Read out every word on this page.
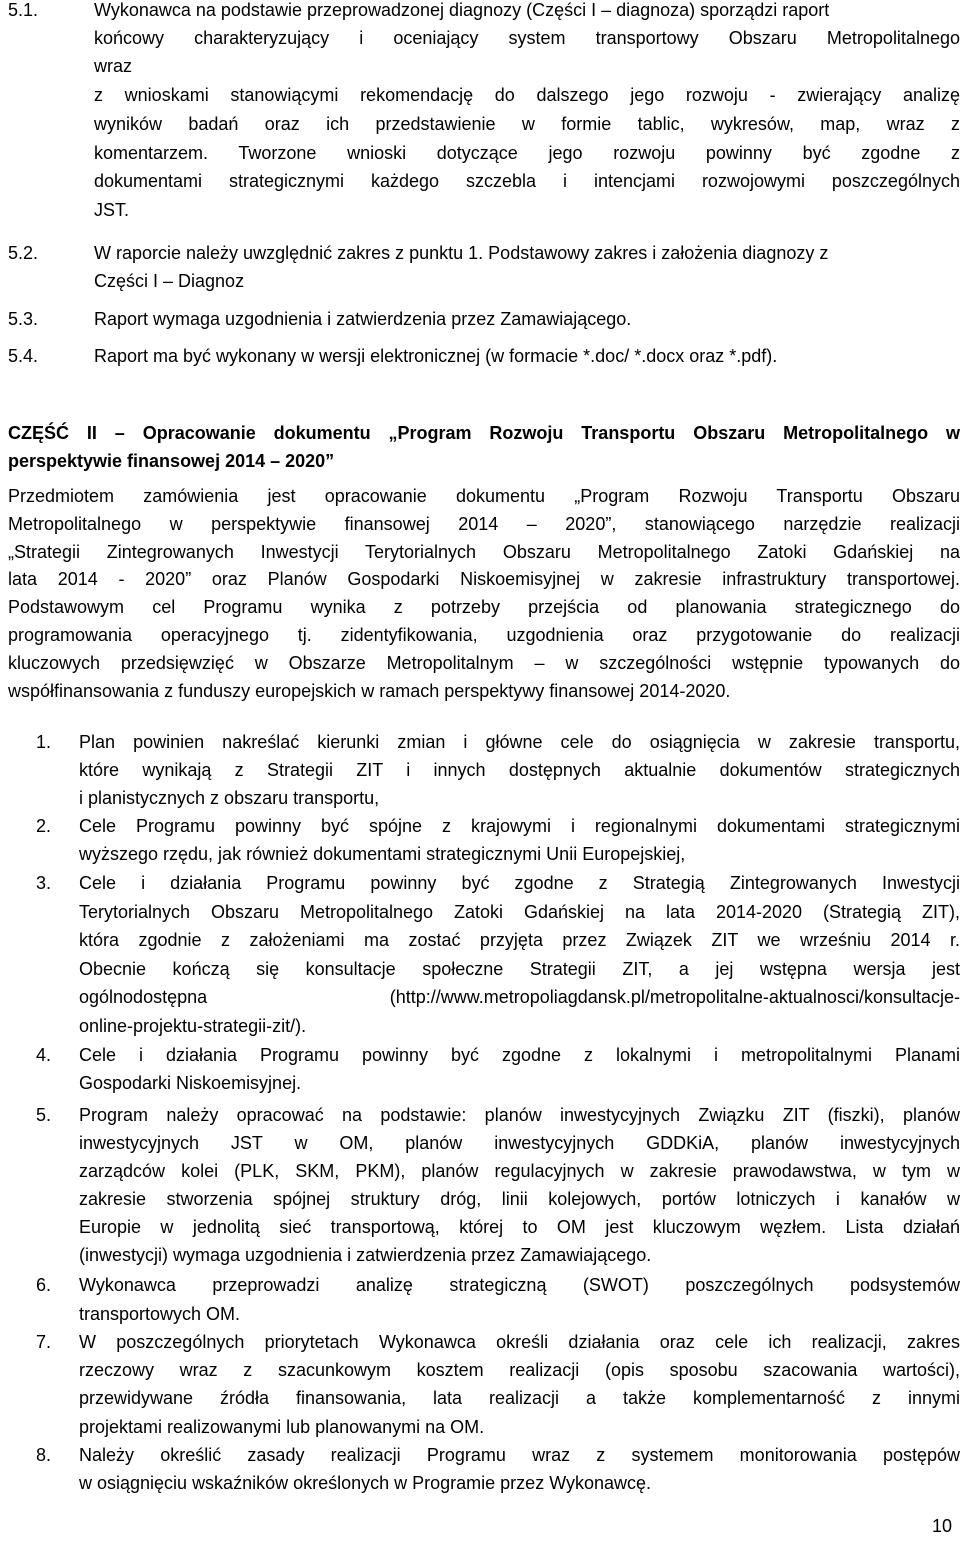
5.1.	Wykonawca na podstawie przeprowadzonej diagnozy (Części I – diagnoza) sporządzi raport
końcowy charakteryzujący i oceniający system transportowy Obszaru Metropolitalnego
wraz
z wnioskami stanowiącymi rekomendację do dalszego jego rozwoju - zwierający analizę
wyników badań oraz ich przedstawienie w formie tablic, wykresów, map, wraz z
komentarzem. Tworzone wnioski dotyczące jego rozwoju powinny być zgodne z
dokumentami strategicznymi każdego szczebla i intencjami rozwojowymi poszczególnych
JST.
5.2.	W raporcie należy uwzględnić zakres z punktu 1. Podstawowy zakres i założenia diagnozy z
Części I – Diagnoz
5.3.	Raport wymaga uzgodnienia i zatwierdzenia przez Zamawiającego.
5.4.	Raport ma być wykonany w wersji elektronicznej (w formacie *.doc/ *.docx oraz *.pdf).
CZĘŚĆ II – Opracowanie dokumentu „Program Rozwoju Transportu Obszaru Metropolitalnego w
perspektywie finansowej 2014 – 2020”
Przedmiotem zamówienia jest opracowanie dokumentu „Program Rozwoju Transportu Obszaru
Metropolitalnego w perspektywie finansowej 2014 – 2020”, stanowiącego narzędzie realizacji
„Strategii Zintegrowanych Inwestycji Terytorialnych Obszaru Metropolitalnego Zatoki Gdańskiej na
lata 2014 - 2020” oraz Planów Gospodarki Niskoemisyjnej w zakresie infrastruktury transportowej.
Podstawowym cel Programu wynika z potrzeby przejścia od planowania strategicznego do
programowania operacyjnego tj. zidentyfikowania, uzgodnienia oraz przygotowanie do realizacji
kluczowych przedsięwzięć w Obszarze Metropolitalnym – w szczególności wstępnie typowanych do
współfinansowania z funduszy europejskich w ramach perspektywy finansowej 2014-2020.
1. Plan powinien nakreślać kierunki zmian i główne cele do osiągnięcia w zakresie transportu,
które wynikają z Strategii ZIT i innych dostępnych aktualnie dokumentów strategicznych
i planistycznych z obszaru transportu,
2. Cele Programu powinny być spójne z krajowymi i regionalnymi dokumentami strategicznymi
wyższego rzędu, jak również dokumentami strategicznymi Unii Europejskiej,
3. Cele i działania Programu powinny być zgodne z Strategią Zintegrowanych Inwestycji
Terytorialnych Obszaru Metropolitalnego Zatoki Gdańskiej na lata 2014-2020 (Strategią ZIT),
która zgodnie z założeniami ma zostać przyjęta przez Związek ZIT we wrześniu 2014 r.
Obecnie kończą się konsultacje społeczne Strategii ZIT, a jej wstępna wersja jest
ogólnodostępna (http://www.metropoliagdansk.pl/metropolitalne-aktualnosci/konsultacje-
online-projektu-strategii-zit/).
4. Cele i działania Programu powinny być zgodne z lokalnymi i metropolitalnymi Planami
Gospodarki Niskoemisyjnej.
5. Program należy opracować na podstawie: planów inwestycyjnych Związku ZIT (fiszki), planów
inwestycyjnych JST w OM, planów inwestycyjnych GDDKiA, planów inwestycyjnych
zarządców kolei (PLK, SKM, PKM), planów regulacyjnych w zakresie prawodawstwa, w tym w
zakresie stworzenia spójnej struktury dróg, linii kolejowych, portów lotniczych i kanałów w
Europie w jednolitą sieć transportową, której to OM jest kluczowym węzłem. Lista działań
(inwestycji) wymaga uzgodnienia i zatwierdzenia przez Zamawiającego.
6. Wykonawca przeprowadzi analizę strategiczną (SWOT) poszczególnych podsystemów
transportowych OM.
7. W poszczególnych priorytetach Wykonawca określi działania oraz cele ich realizacji, zakres
rzeczowy wraz z szacunkowym kosztem realizacji (opis sposobu szacowania wartości),
przewidywane źródła finansowania, lata realizacji a także komplementarność z innymi
projektami realizowanymi lub planowanymi na OM.
8. Należy określić zasady realizacji Programu wraz z systemem monitorowania postępów
w osiągnięciu wskaźników określonych w Programie przez Wykonawcę.
10
